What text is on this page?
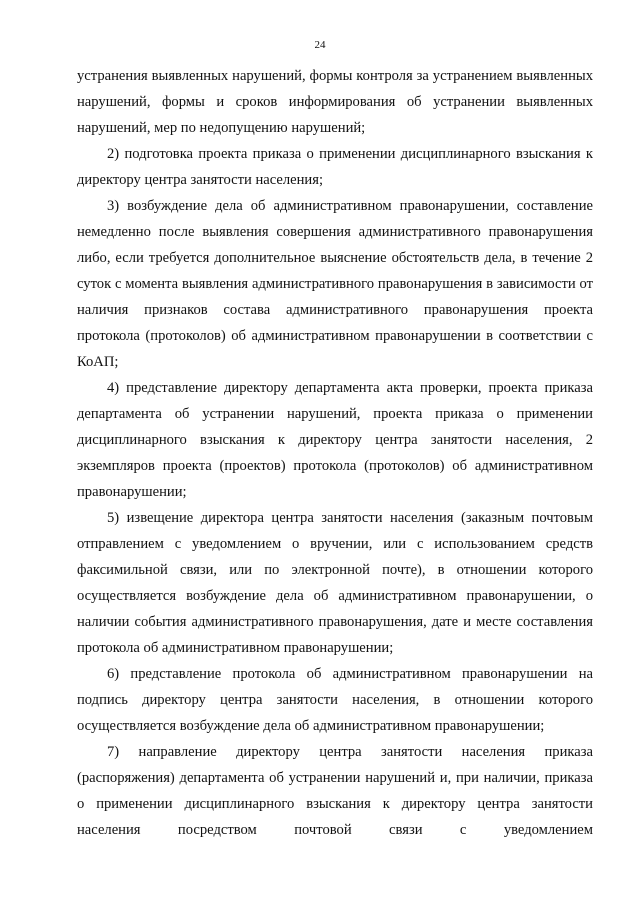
24

устранения выявленных нарушений, формы контроля за устранением выявленных нарушений, формы и сроков информирования об устранении выявленных нарушений, мер по недопущению нарушений;

2) подготовка проекта приказа о применении дисциплинарного взыскания к директору центра занятости населения;

3) возбуждение дела об административном правонарушении, составление немедленно после выявления совершения административного правонарушения либо, если требуется дополнительное выяснение обстоятельств дела, в течение 2 суток с момента выявления административного правонарушения в зависимости от наличия признаков состава административного правонарушения проекта протокола (протоколов) об административном правонарушении в соответствии с КоАП;

4) представление директору департамента акта проверки, проекта приказа департамента об устранении нарушений, проекта приказа о применении дисциплинарного взыскания к директору центра занятости населения, 2 экземпляров проекта (проектов) протокола (протоколов) об административном правонарушении;

5) извещение директора центра занятости населения (заказным почтовым отправлением с уведомлением о вручении, или с использованием средств факсимильной связи, или по электронной почте), в отношении которого осуществляется возбуждение дела об административном правонарушении, о наличии события административного правонарушения, дате и месте составления протокола об административном правонарушении;

6) представление протокола об административном правонарушении на подпись директору центра занятости населения, в отношении которого осуществляется возбуждение дела об административном правонарушении;

7) направление директору центра занятости населения приказа (распоряжения) департамента об устранении нарушений и, при наличии, приказа о применении дисциплинарного взыскания к директору центра занятости населения посредством почтовой связи с уведомлением
